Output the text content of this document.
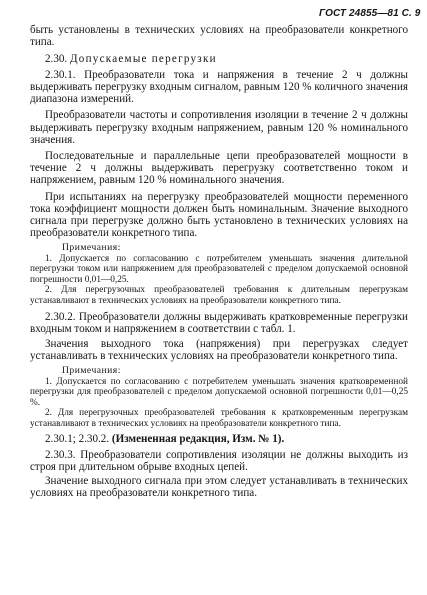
ГОСТ 24855—81 С. 9

быть установлены в технических условиях на преобразователи конкретного типа.

2.30. Допускаемые перегрузки

2.30.1. Преобразователи тока и напряжения в течение 2 ч должны выдерживать перегрузку входным сигналом, равным 120 % количного значения диапазона измерений.

Преобразователи частоты и сопротивления изоляции в течение 2 ч должны выдерживать перегрузку входным напряжением, равным 120 % номинального значения.

Последовательные и параллельные цепи преобразователей мощности в течение 2 ч должны выдерживать перегрузку соответственно током и напряжением, равным 120 % номинального значения.

При испытаниях на перегрузку преобразователей мощности переменного тока коэффициент мощности должен быть номинальным. Значение выходного сигнала при перегрузке должно быть установлено в технических условиях на преобразователи конкретного типа.

Примечания:

1. Допускается по согласованию с потребителем уменьшать значения длительной перегрузки током или напряжением для преобразователей с пределом допускаемой основной погрешности 0,01—0,25.

2. Для перегрузочных преобразователей требования к длительным перегрузкам устанавливают в технических условиях на преобразователи конкретного типа.

2.30.2. Преобразователи должны выдерживать кратковременные перегрузки входным током и напряжением в соответствии с табл. 1.

Значения выходного тока (напряжения) при перегрузках следует устанавливать в технических условиях на преобразователи конкретного типа.

Примечания:

1. Допускается по согласованию с потребителем уменьшать значения кратковременной перегрузки для преобразователей с пределом допускаемой основной погрешности 0,01—0,25 %.

2. Для перегрузочных преобразователей требования к кратковременным перегрузкам устанавливают в технических условиях на преобразователи конкретного типа.

2.30.1; 2.30.2. (Измененная редакция, Изм. № 1).

2.30.3. Преобразователи сопротивления изоляции не должны выходить из строя при длительном обрыве входных цепей.

Значение выходного сигнала при этом следует устанавливать в технических условиях на преобразователи конкретного типа.
